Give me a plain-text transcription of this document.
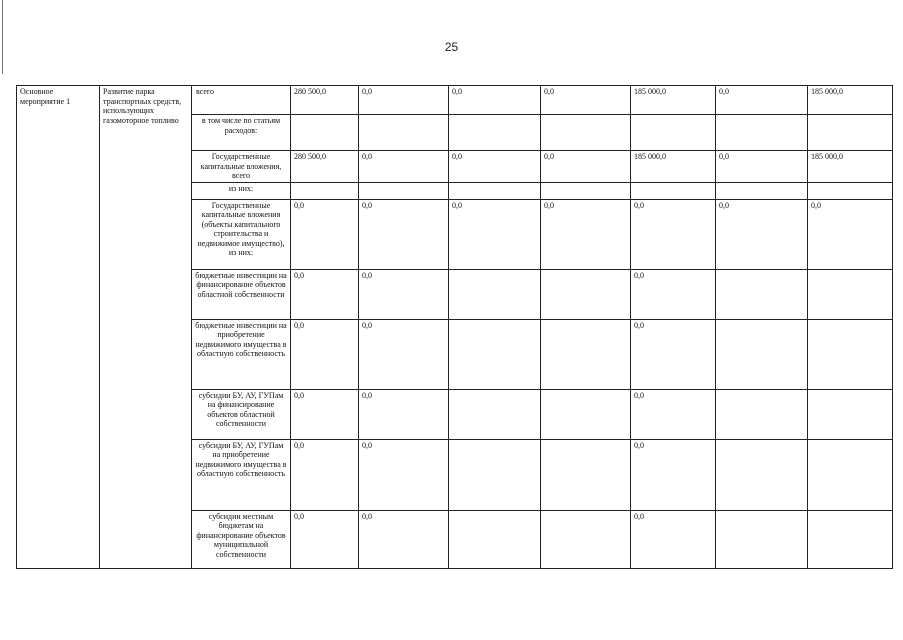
25
Основное мероприятие 1	Развитие парка транспортных средств, использующих газомоторное топливо	всего	280 500,0	0,0	0,0	0,0	185 000,0	0,0	185 000,0
		в том числе по статьям расходов:							
		Государственные капитальные вложения, всего	280 500,0	0,0	0,0	0,0	185 000,0	0,0	185 000,0
		из них:							
		Государственные капитальные вложения (объекты капитального строительства и недвижимое имущество), из них:	0,0	0,0	0,0	0,0	0,0	0,0	0,0
		бюджетные инвестиции на финансирование объектов областной собственности	0,0	0,0			0,0		
		бюджетные инвестиции на приобретение недвижимого имущества в областную собственность	0,0	0,0			0,0		
		субсидии БУ, АУ, ГУПам на финансирование объектов областной собственности	0,0	0,0			0,0		
		субсидии БУ, АУ, ГУПам на приобретение недвижимого имущества в областную собственность	0,0	0,0			0,0		
		субсидии местным бюджетам на финансирование объектов муниципальной собственности	0,0	0,0			0,0		
